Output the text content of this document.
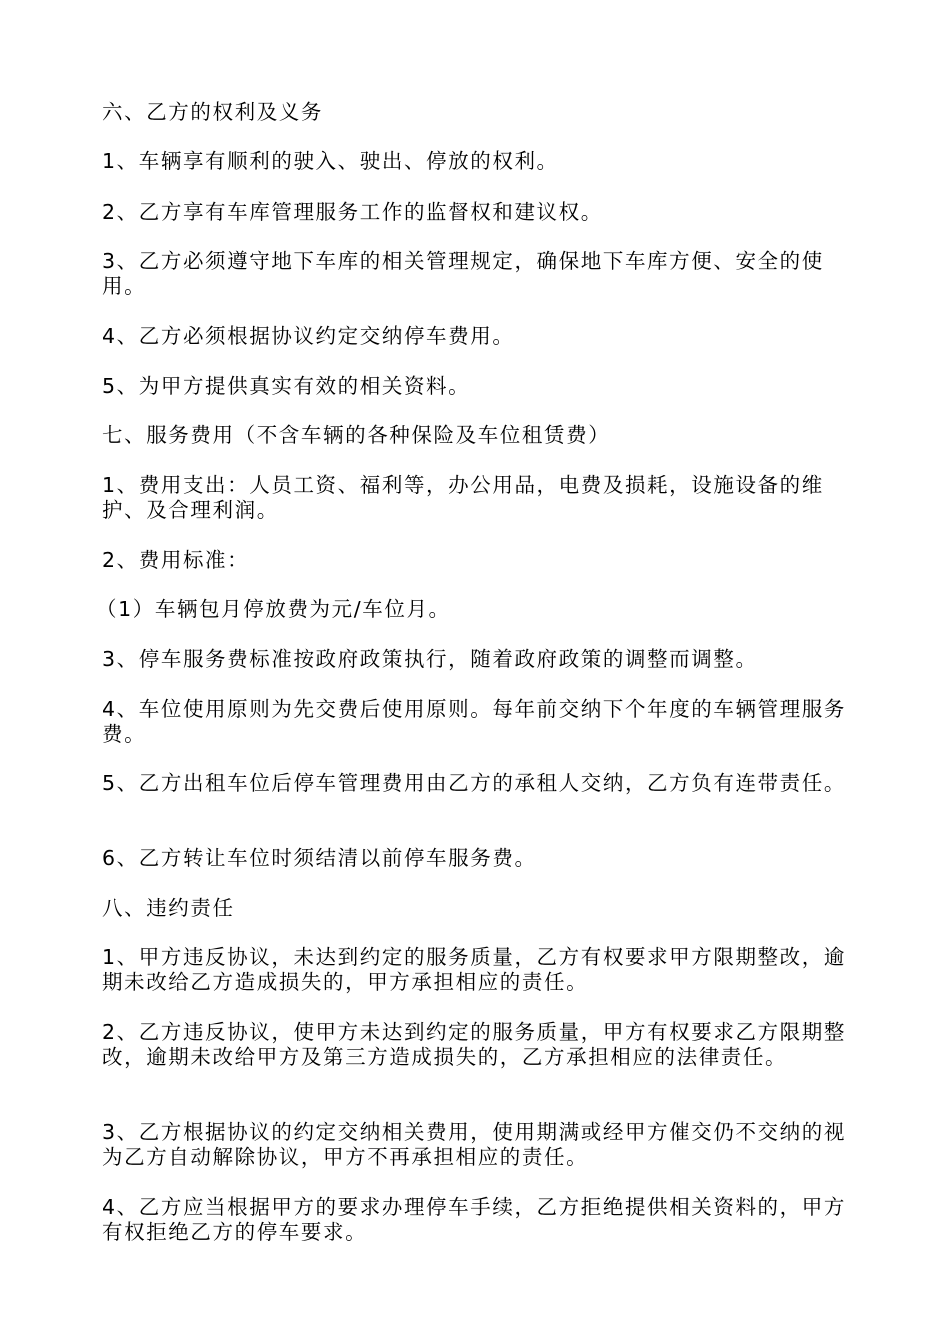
六、乙方的权利及义务

1、车辆享有顺利的驶入、驶出、停放的权利。

2、乙方享有车库管理服务工作的监督权和建议权。

3、乙方必须遵守地下车库的相关管理规定，确保地下车库方便、安全的使用。

4、乙方必须根据协议约定交纳停车费用。

5、为甲方提供真实有效的相关资料。

七、服务费用（不含车辆的各种保险及车位租赁费）

1、费用支出：人员工资、福利等，办公用品，电费及损耗，设施设备的维护、及合理利润。

2、费用标准：

（1）车辆包月停放费为元/车位月。

3、停车服务费标准按政府政策执行，随着政府政策的调整而调整。

4、车位使用原则为先交费后使用原则。每年前交纳下个年度的车辆管理服务费。

5、乙方出租车位后停车管理费用由乙方的承租人交纳，乙方负有连带责任。

6、乙方转让车位时须结清以前停车服务费。

八、违约责任

1、甲方违反协议，未达到约定的服务质量，乙方有权要求甲方限期整改，逾期未改给乙方造成损失的，甲方承担相应的责任。

2、乙方违反协议，使甲方未达到约定的服务质量，甲方有权要求乙方限期整改，逾期未改给甲方及第三方造成损失的，乙方承担相应的法律责任。

3、乙方根据协议的约定交纳相关费用，使用期满或经甲方催交仍不交纳的视为乙方自动解除协议，甲方不再承担相应的责任。

4、乙方应当根据甲方的要求办理停车手续，乙方拒绝提供相关资料的，甲方有权拒绝乙方的停车要求。
